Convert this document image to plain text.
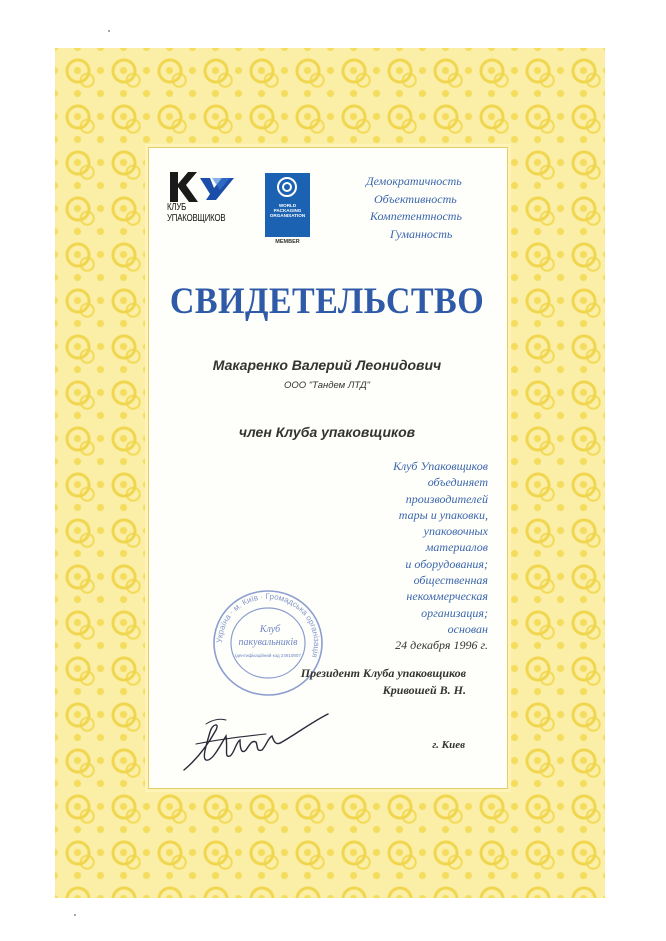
КЛУБ
УПАКОВЩИКОВ
WORLD
PACKAGING
ORGANISATION
MEMBER
Демократичность
Объективность
Компетентность
Гуманность
СВИДЕТЕЛЬСТВО
Макаренко Валерий Леонидович
ООО "Тандем ЛТД"
член Клуба упаковщиков
Клуб Упаковщиков
объединяет
производителей
тары и упаковки,
упаковочных
материалов
и оборудования;
общественная
некоммерческая
организация;
основан
24 декабря 1996 г.
Україна · м. Київ · Громадська організація
Клуб
пакувальників
Ідентифікаційний код 24910807
Президент Клуба упаковщиков
Кривошей В. Н.
г. Киев
